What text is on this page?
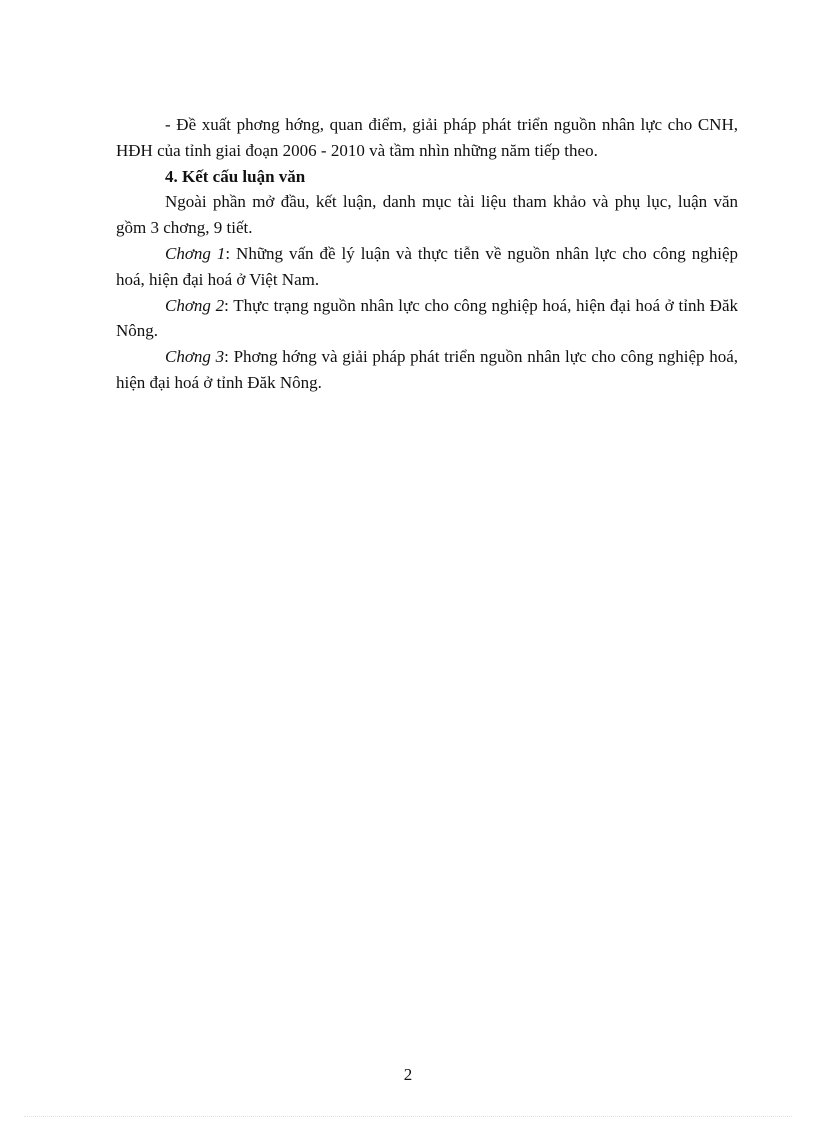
- Đề xuất phơng hớng, quan điểm, giải pháp phát triển nguồn nhân lực cho CNH, HĐH của tỉnh giai đoạn 2006 - 2010 và tầm nhìn những năm tiếp theo.

4. Kết cấu luận văn

Ngoài phần mở đầu, kết luận, danh mục tài liệu tham khảo và phụ lục, luận văn gồm 3 chơng, 9 tiết.

Chơng 1: Những vấn đề lý luận và thực tiễn về nguồn nhân lực cho công nghiệp hoá, hiện đại hoá ở Việt Nam.

Chơng 2: Thực trạng nguồn nhân lực cho công nghiệp hoá, hiện đại hoá ở tỉnh Đăk Nông.

Chơng 3: Phơng hớng và giải pháp phát triển nguồn nhân lực cho công nghiệp hoá, hiện đại hoá ở tỉnh Đăk Nông.

2
